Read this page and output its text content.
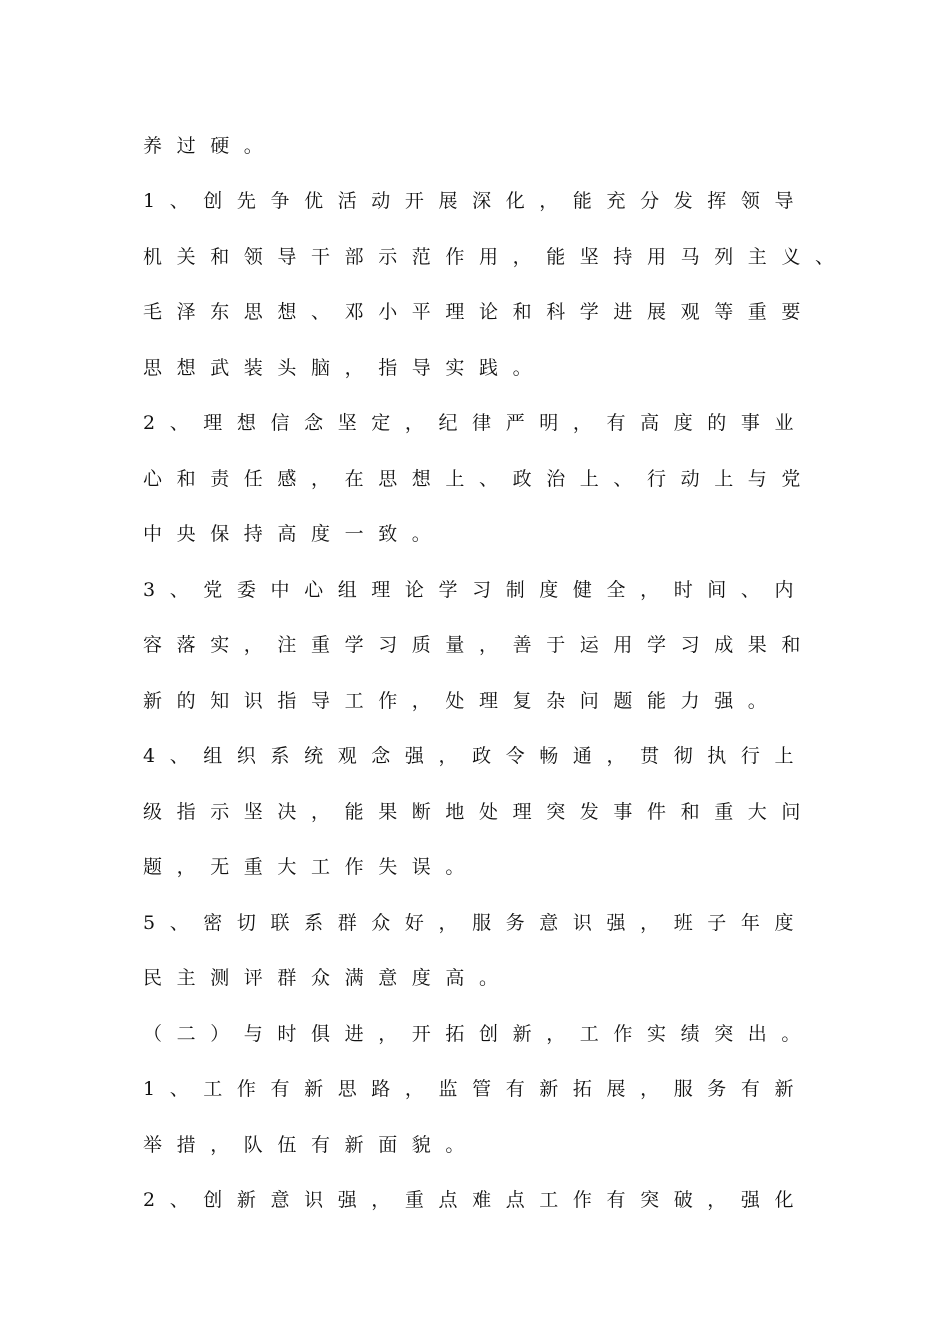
养过硬。
1、创先争优活动开展深化，能充分发挥领导
机关和领导干部示范作用，能坚持用马列主义、
毛泽东思想、邓小平理论和科学进展观等重要
思想武装头脑，指导实践。
2、理想信念坚定，纪律严明，有高度的事业
心和责任感，在思想上、政治上、行动上与党
中央保持高度一致。
3、党委中心组理论学习制度健全，时间、内
容落实，注重学习质量，善于运用学习成果和
新的知识指导工作，处理复杂问题能力强。
4、组织系统观念强，政令畅通，贯彻执行上
级指示坚决，能果断地处理突发事件和重大问
题，无重大工作失误。
5、密切联系群众好，服务意识强，班子年度
民主测评群众满意度高。
（二）与时俱进，开拓创新，工作实绩突出。
1、工作有新思路，监管有新拓展，服务有新
举措，队伍有新面貌。
2、创新意识强，重点难点工作有突破，强化
